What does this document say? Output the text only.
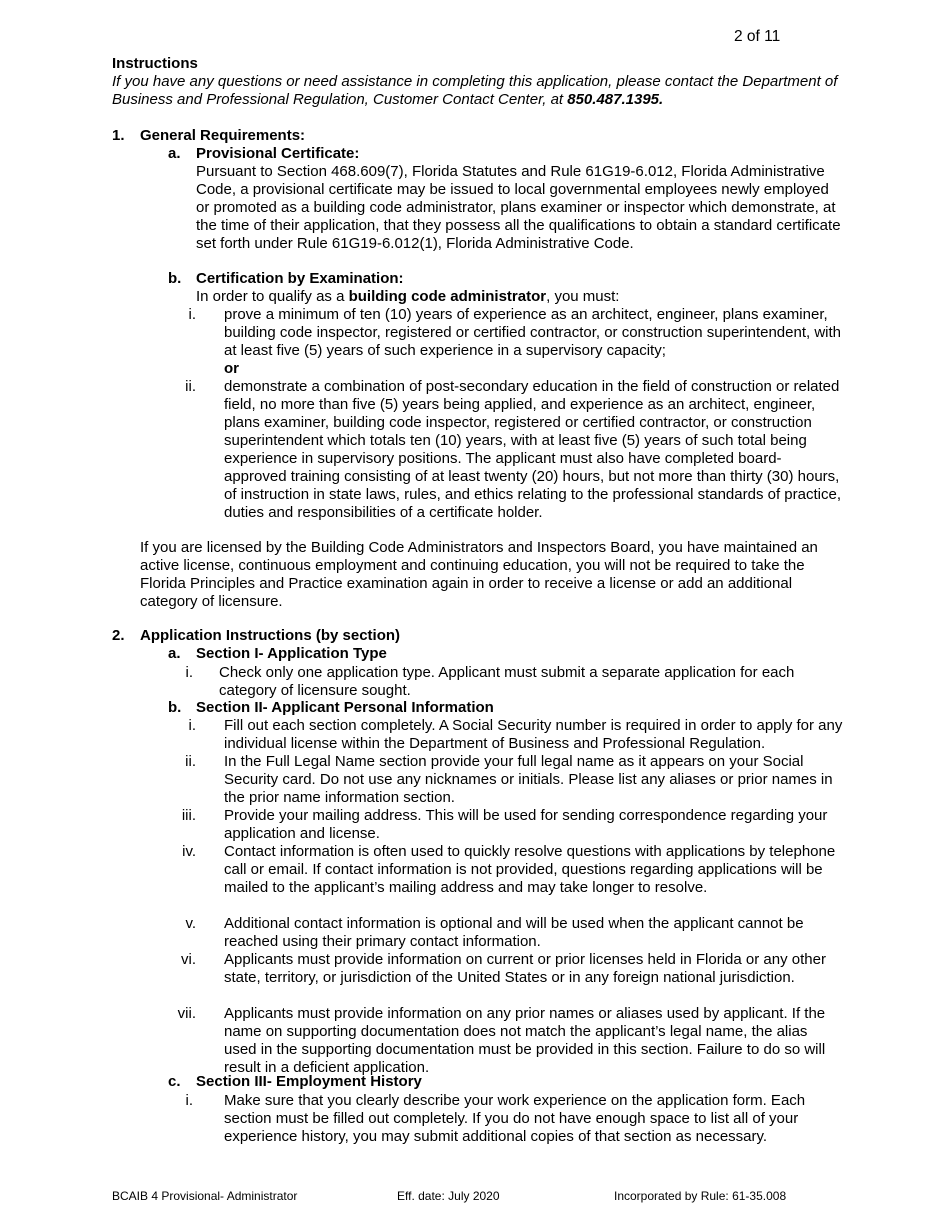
2 of 11
Instructions
If you have any questions or need assistance in completing this application, please contact the Department of Business and Professional Regulation, Customer Contact Center, at 850.487.1395.
1. General Requirements:
a. Provisional Certificate:
Pursuant to Section 468.609(7), Florida Statutes and Rule 61G19-6.012, Florida Administrative Code, a provisional certificate may be issued to local governmental employees newly employed or promoted as a building code administrator, plans examiner or inspector which demonstrate, at the time of their application, that they possess all the qualifications to obtain a standard certificate set forth under Rule 61G19-6.012(1), Florida Administrative Code.
b. Certification by Examination:
In order to qualify as a building code administrator, you must:
i. prove a minimum of ten (10) years of experience as an architect, engineer, plans examiner, building code inspector, registered or certified contractor, or construction superintendent, with at least five (5) years of such experience in a supervisory capacity;
or
ii. demonstrate a combination of post-secondary education in the field of construction or related field, no more than five (5) years being applied, and experience as an architect, engineer, plans examiner, building code inspector, registered or certified contractor, or construction superintendent which totals ten (10) years, with at least five (5) years of such total being experience in supervisory positions. The applicant must also have completed board-approved training consisting of at least twenty (20) hours, but not more than thirty (30) hours, of instruction in state laws, rules, and ethics relating to the professional standards of practice, duties and responsibilities of a certificate holder.
If you are licensed by the Building Code Administrators and Inspectors Board, you have maintained an active license, continuous employment and continuing education, you will not be required to take the Florida Principles and Practice examination again in order to receive a license or add an additional category of licensure.
2. Application Instructions (by section)
a. Section I- Application Type
i. Check only one application type. Applicant must submit a separate application for each category of licensure sought.
b. Section II- Applicant Personal Information
i. Fill out each section completely. A Social Security number is required in order to apply for any individual license within the Department of Business and Professional Regulation.
ii. In the Full Legal Name section provide your full legal name as it appears on your Social Security card. Do not use any nicknames or initials. Please list any aliases or prior names in the prior name information section.
iii. Provide your mailing address. This will be used for sending correspondence regarding your application and license.
iv. Contact information is often used to quickly resolve questions with applications by telephone call or email. If contact information is not provided, questions regarding applications will be mailed to the applicant’s mailing address and may take longer to resolve.
v. Additional contact information is optional and will be used when the applicant cannot be reached using their primary contact information.
vi. Applicants must provide information on current or prior licenses held in Florida or any other state, territory, or jurisdiction of the United States or in any foreign national jurisdiction.
vii. Applicants must provide information on any prior names or aliases used by applicant. If the name on supporting documentation does not match the applicant’s legal name, the alias used in the supporting documentation must be provided in this section. Failure to do so will result in a deficient application.
c. Section III- Employment History
i. Make sure that you clearly describe your work experience on the application form. Each section must be filled out completely. If you do not have enough space to list all of your experience history, you may submit additional copies of that section as necessary.
BCAIB 4 Provisional- Administrator	Eff. date: July 2020	Incorporated by Rule: 61-35.008
